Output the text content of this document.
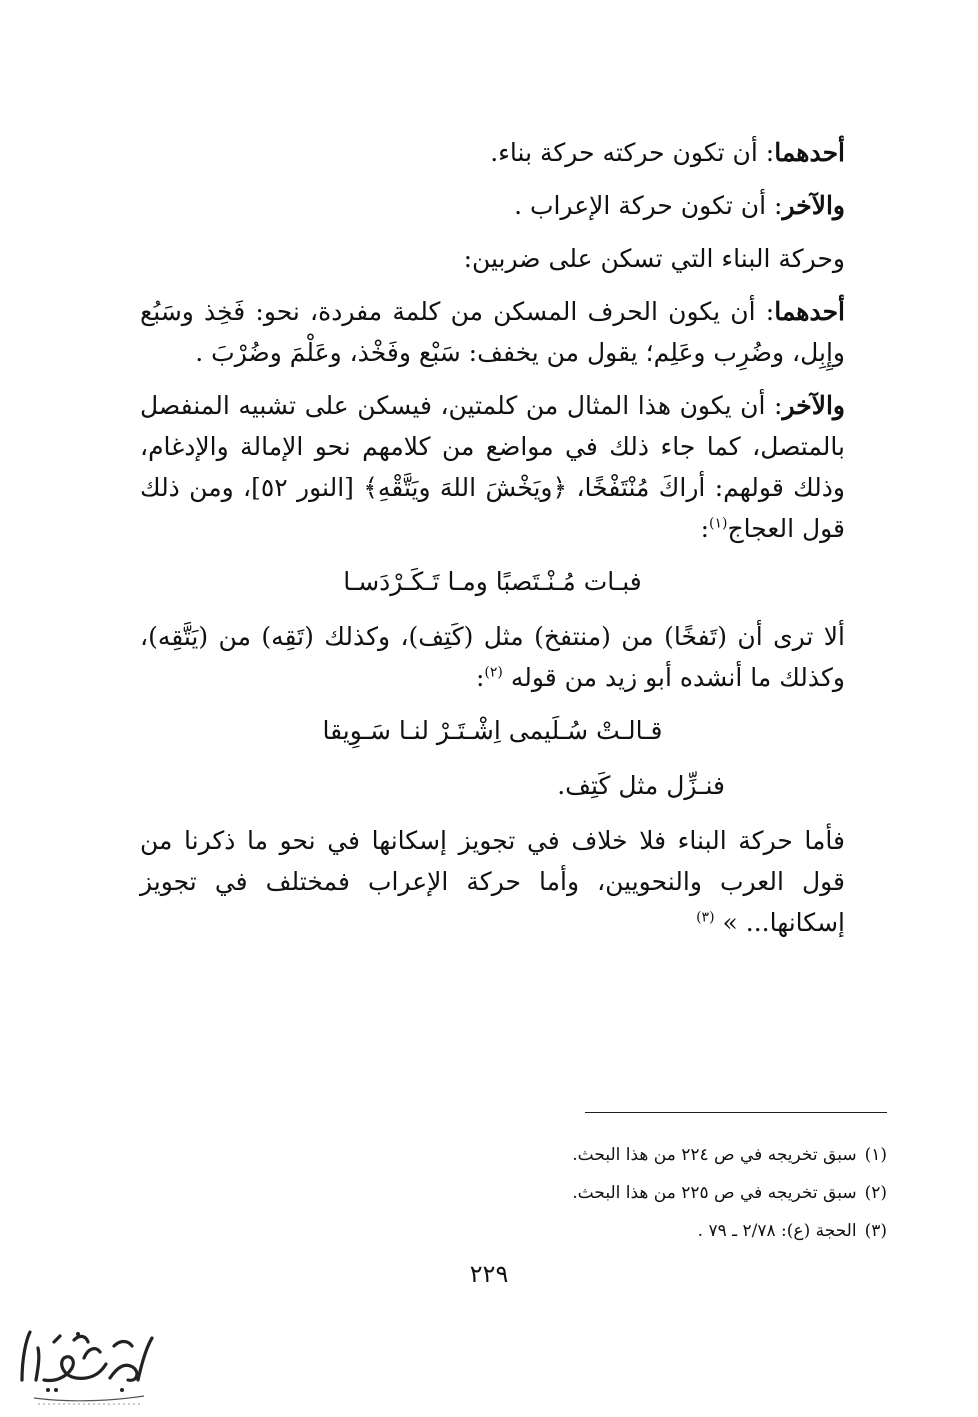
أحدهما: أن تكون حركته حركة بناء.

والآخر: أن تكون حركة الإعراب .

وحركة البناء التي تسكن على ضربين:

أحدهما: أن يكون الحرف المسكن من كلمة مفردة، نحو: فَخِذ وسَبُع وإِبِل، وضُرِب وعَلِم؛ يقول من يخفف: سَبْع وفَخْذ، وعَلْمَ وضُرْبَ .

والآخر: أن يكون هذا المثال من كلمتين، فيسكن على تشبيه المنفصل بالمتصل، كما جاء ذلك في مواضع من كلامهم نحو الإمالة والإدغام، وذلك قولهم: أراكَ مُنْتَفْخًا، ﴿ويَخْشَ اللهَ ويَتَّقْهِ﴾ [النور ٥٢]، ومن ذلك قول العجاج$^{(١)}$:

فبـات مُـنْـتَصبًا ومـا تَـكَـرْدَسـا

ألا ترى أن (تَفخًا) من (منتفخ) مثل (كَتِف)، وكذلك (تَقِه) من (يَتَّقِه)، وكذلك ما أنشده أبو زيد من قوله $^{(٢)}$:

قـالـتْ سُـلَيمى اِشْـتَـرْ لنـا سَـوِيقا

فنـزِّل مثل كَتِف.

فأما حركة البناء فلا خلاف في تجويز إسكانها في نحو ما ذكرنا من قول العرب والنحويين، وأما حركة الإعراب فمختلف في تجويز إسكانها... » $^{(٣)}$

(١)سبق تخريجه في ص ٢٢٤ من هذا البحث.
(٢)سبق تخريجه في ص ٢٢٥ من هذا البحث.
(٣)الحجة (ع): ٢/٧٨ ـ ٧٩ .
٢٢٩
